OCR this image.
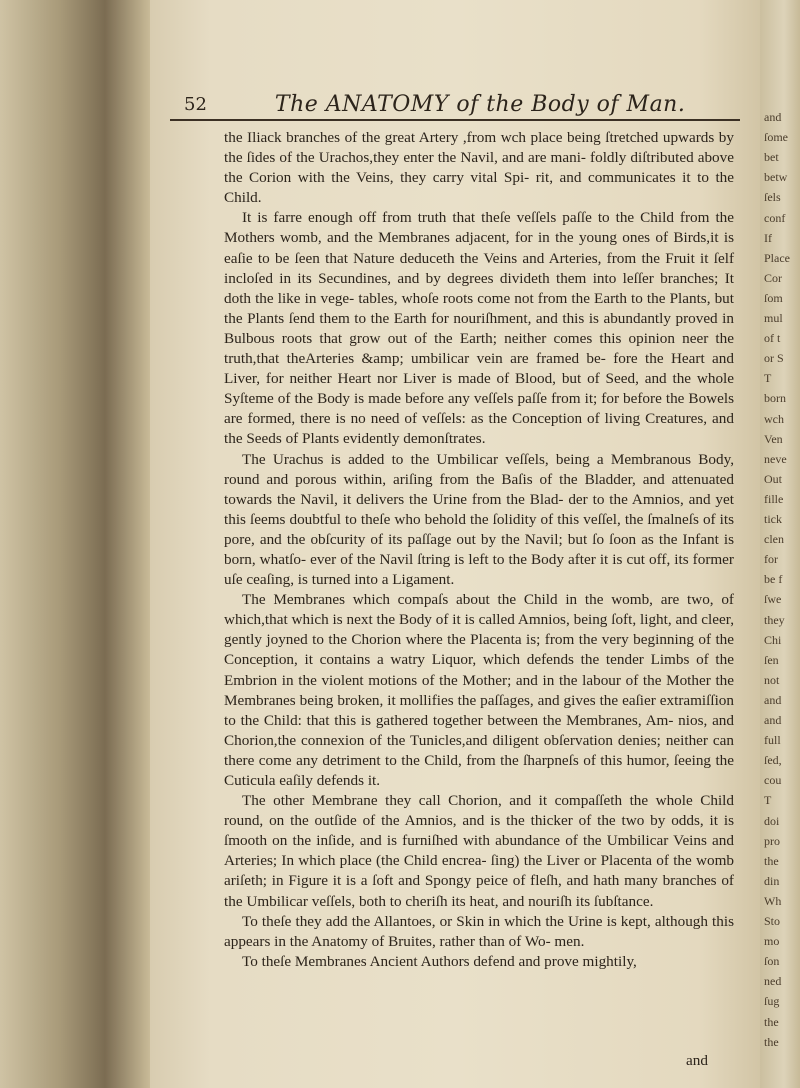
52	The ANATOMY of the Body of Man.

the Iliack branches of the great Artery ,from wch place being ſtretched upwards by the ſides of the Urachos,they enter the Navil, and are mani- foldly diſtributed above the Corion with the Veins, they carry vital Spi- rit, and communicates it to the Child.

It is farre enough off from truth that theſe veſſels paſſe to the Child from the Mothers womb, and the Membranes adjacent, for in the young ones of Birds,it is eaſie to be ſeen that Nature deduceth the Veins and Arteries, from the Fruit it ſelf incloſed in its Secundines, and by degrees divideth them into leſſer branches; It doth the like in vege- tables, whoſe roots come not from the Earth to the Plants, but the Plants ſend them to the Earth for nouriſhment, and this is abundantly proved in Bulbous roots that grow out of the Earth; neither comes this opinion neer the truth,that theArteries &amp; umbilicar vein are framed be- fore the Heart and Liver, for neither Heart nor Liver is made of Blood, but of Seed, and the whole Syſteme of the Body is made before any veſſels paſſe from it; for before the Bowels are formed, there is no need of veſſels: as the Conception of living Creatures, and the Seeds of Plants evidently demonſtrates.

The Urachus is added to the Umbilicar veſſels, being a Membranous Body, round and porous within, ariſing from the Baſis of the Bladder, and attenuated towards the Navil, it delivers the Urine from the Blad- der to the Amnios, and yet this ſeems doubtful to theſe who behold the ſolidity of this veſſel, the ſmalneſs of its pore, and the obſcurity of its paſſage out by the Navil; but ſo ſoon as the Infant is born, whatſo- ever of the Navil ſtring is left to the Body after it is cut off, its former uſe ceaſing, is turned into a Ligament.

The Membranes which compaſs about the Child in the womb, are two, of which,that which is next the Body of it is called Amnios, being ſoft, light, and cleer, gently joyned to the Chorion where the Placenta is; from the very beginning of the Conception, it contains a watry Liquor, which defends the tender Limbs of the Embrion in the violent motions of the Mother; and in the labour of the Mother the Membranes being broken, it mollifies the paſſages, and gives the eaſier extramiſſion to the Child: that this is gathered together between the Membranes, Am- nios, and Chorion,the connexion of the Tunicles,and diligent obſervation denies; neither can there come any detriment to the Child, from the ſharpneſs of this humor, ſeeing the Cuticula eaſily defends it.

The other Membrane they call Chorion, and it compaſſeth the whole Child round, on the outſide of the Amnios, and is the thicker of the two by odds, it is ſmooth on the inſide, and is furniſhed with abundance of the Umbilicar Veins and Arteries; In which place (the Child encrea- ſing) the Liver or Placenta of the womb ariſeth; in Figure it is a ſoft and Spongy peice of fleſh, and hath many branches of the Umbilicar veſſels, both to cheriſh its heat, and nouriſh its ſubſtance.

To theſe they add the Allantoes, or Skin in which the Urine is kept, although this appears in the Anatomy of Bruites, rather than of Wo- men.

To theſe Membranes Ancient Authors defend and prove mightily,

and
and
ſome
bet
betw
ſels
conf
If
Place
Cor
ſom
mul
of t
or S
T
born
wch
Ven
neve
Out
fille
tick
clen
for
be f
ſwe
they
Chi
ſen
not
and
and
full
ſed,
cou
T
doi
pro
the
din
Wh
Sto
mo
ſon
ned
ſug
the
the
